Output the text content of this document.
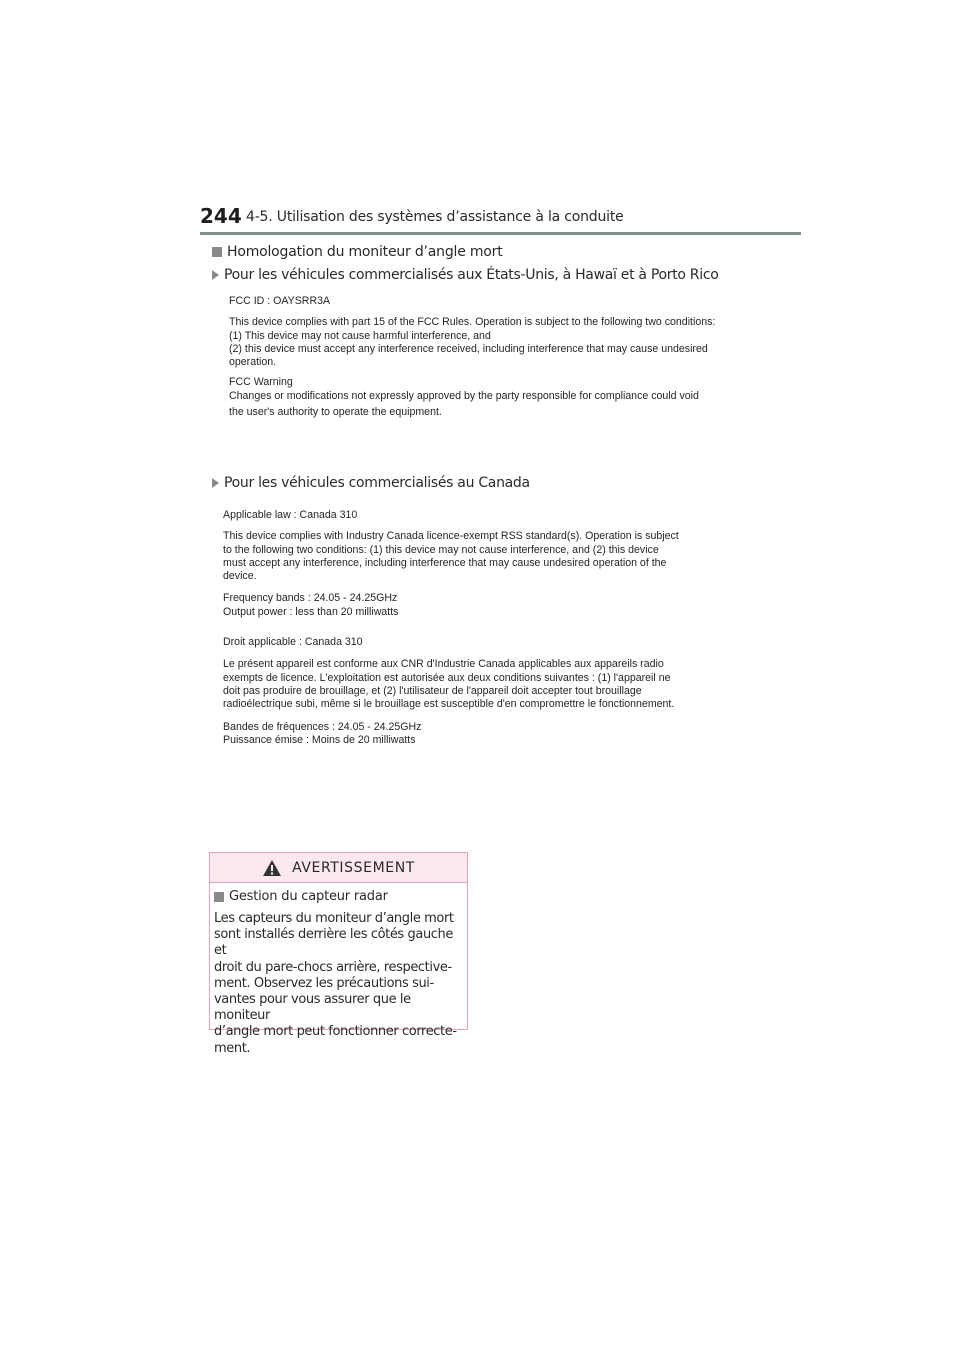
244 4-5. Utilisation des systèmes d’assistance à la conduite
Homologation du moniteur d’angle mort
Pour les véhicules commercialisés aux États-Unis, à Hawaï et à Porto Rico

FCC ID : OAYSRR3A

This device complies with part 15 of the FCC Rules. Operation is subject to the following two conditions:

(1) This device may not cause harmful interference, and

(2) this device must accept any interference received, including interference that may cause undesired

operation.

FCC Warning

Changes or modifications not expressly approved by the party responsible for compliance could void

the user's authority to operate the equipment.

Pour les véhicules commercialisés au Canada

Applicable law : Canada 310

This device complies with Industry Canada licence-exempt RSS standard(s). Operation is subject

to the following two conditions: (1) this device may not cause interference, and (2) this device

must accept any interference, including interference that may cause undesired operation of the

device.

Frequency bands : 24.05 - 24.25GHz

Output power : less than 20 milliwatts

Droit applicable : Canada 310

Le présent appareil est conforme aux CNR d'Industrie Canada applicables aux appareils radio

exempts de licence. L'exploitation est autorisée aux deux conditions suivantes : (1) l'appareil ne

doit pas produire de brouillage, et (2) l'utilisateur de l'appareil doit accepter tout brouillage

radioélectrique subi, même si le brouillage est susceptible d'en compromettre le fonctionnement.

Bandes de fréquences : 24.05 - 24.25GHz

Puissance émise : Moins de 20 milliwatts

AVERTISSEMENT
Gestion du capteur radar
Les capteurs du moniteur d’angle mort
sont installés derrière les côtés gauche et
droit du pare-chocs arrière, respective-
ment. Observez les précautions sui-
vantes pour vous assurer que le moniteur
d’angle mort peut fonctionner correcte-
ment.
